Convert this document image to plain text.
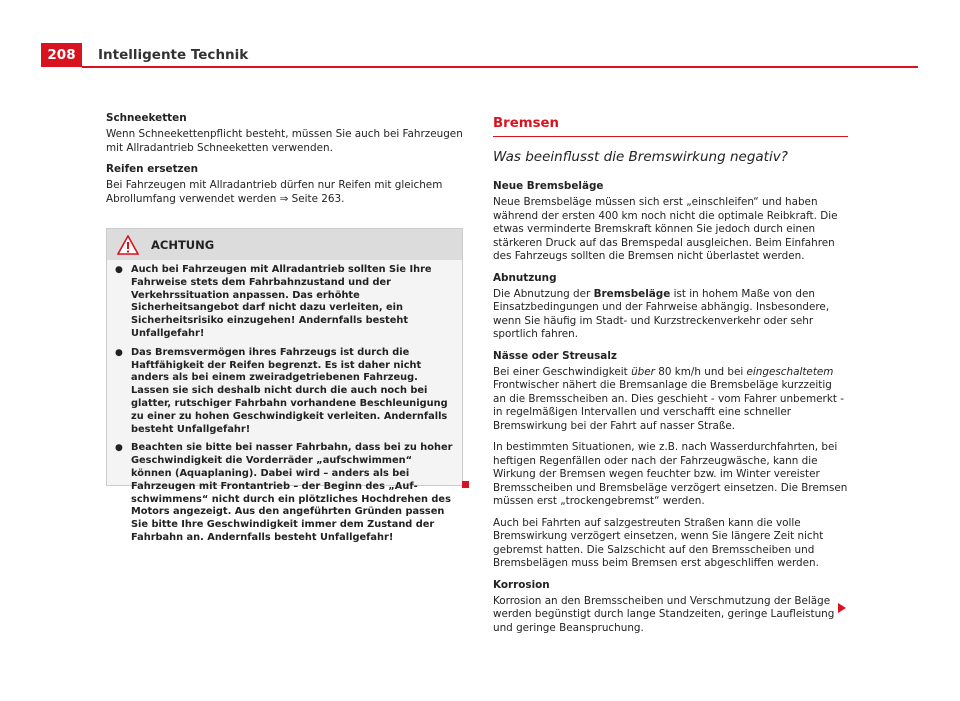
208	Intelligente Technik

Schneeketten

Wenn Schneekettenpflicht besteht, müssen Sie auch bei Fahrzeugen mit Allradantrieb Schneeketten verwenden.

Reifen ersetzen

Bei Fahrzeugen mit Allradantrieb dürfen nur Reifen mit gleichem Abrollumfang verwendet werden ⇒ Seite 263.

ACHTUNG
● Auch bei Fahrzeugen mit Allradantrieb sollten Sie Ihre Fahrweise stets dem Fahrbahnzustand und der Verkehrssituation anpassen. Das erhöhte Sicherheitsangebot darf nicht dazu verleiten, ein Sicherheitsrisiko einzugehen! Andernfalls besteht Unfallgefahr!
● Das Bremsvermögen ihres Fahrzeugs ist durch die Haftfähigkeit der Reifen begrenzt. Es ist daher nicht anders als bei einem zweiradgetriebenen Fahrzeug. Lassen sie sich deshalb nicht durch die auch noch bei glatter, rutschiger Fahrbahn vorhandene Beschleunigung zu einer zu hohen Geschwindigkeit verleiten. Andernfalls besteht Unfallgefahr!
● Beachten sie bitte bei nasser Fahrbahn, dass bei zu hoher Geschwindigkeit die Vorderräder „aufschwimmen“ können (Aquaplaning). Dabei wird – anders als bei Fahrzeugen mit Frontantrieb – der Beginn des „Aufschwimmens“ nicht durch ein plötzliches Hochdrehen des Motors angezeigt. Aus den angeführten Gründen passen Sie bitte Ihre Geschwindigkeit immer dem Zustand der Fahrbahn an. Andernfalls besteht Unfallgefahr!

Bremsen

Was beeinflusst die Bremswirkung negativ?

Neue Bremsbeläge

Neue Bremsbeläge müssen sich erst „einschleifen“ und haben während der ersten 400 km noch nicht die optimale Reibkraft. Die etwas verminderte Bremskraft können Sie jedoch durch einen stärkeren Druck auf das Bremspedal ausgleichen. Beim Einfahren des Fahrzeugs sollten die Bremsen nicht überlastet werden.

Abnutzung

Die Abnutzung der Bremsbeläge ist in hohem Maße von den Einsatzbedingungen und der Fahrweise abhängig. Insbesondere, wenn Sie häufig im Stadt- und Kurzstreckenverkehr oder sehr sportlich fahren.

Nässe oder Streusalz

Bei einer Geschwindigkeit über 80 km/h und bei eingeschaltetem Frontwischer nähert die Bremsanlage die Bremsbeläge kurzzeitig an die Bremsscheiben an. Dies geschieht - vom Fahrer unbemerkt - in regelmäßigen Intervallen und verschafft eine schneller Bremswirkung bei der Fahrt auf nasser Straße.

In bestimmten Situationen, wie z.B. nach Wasserdurchfahrten, bei heftigen Regenfällen oder nach der Fahrzeugwäsche, kann die Wirkung der Bremsen wegen feuchter bzw. im Winter vereister Bremsscheiben und Bremsbeläge verzögert einsetzen. Die Bremsen müssen erst „trockengebremst“ werden.

Auch bei Fahrten auf salzgestreuten Straßen kann die volle Bremswirkung verzögert einsetzen, wenn Sie längere Zeit nicht gebremst hatten. Die Salzschicht auf den Bremsscheiben und Bremsbelägen muss beim Bremsen erst abgeschliffen werden.

Korrosion

Korrosion an den Bremsscheiben und Verschmutzung der Beläge werden begünstigt durch lange Standzeiten, geringe Laufleistung und geringe Beanspruchung.
